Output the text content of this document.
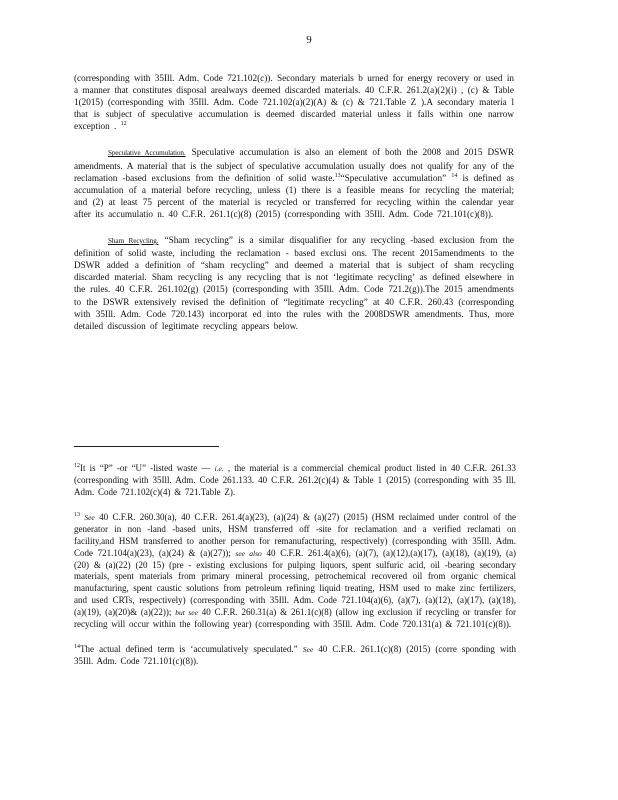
9

(corresponding with 35Ill. Adm. Code 721.102(c)). Secondary materials b urned for energy recovery or used in a manner that constitutes disposal arealways deemed discarded materials. 40 C.F.R. 261.2(a)(2)(i) , (c) & Table 1(2015) (corresponding with 35Ill. Adm. Code 721.102(a)(2)(A) & (c) & 721.Table Z ).A secondary materia l that is subject of speculative accumulation is deemed discarded material unless it falls within one narrow exception . $^{12}$

Speculative Accumulation. Speculative accumulation is also an element of both the 2008 and 2015 DSWR amendments. A material that is the subject of speculative accumulation usually does not qualify for any of the reclamation -based exclusions from the definition of solid waste.$^{13}$“Speculative accumulation” $^{14}$ is defined as accumulation of a material before recycling, unless (1) there is a feasible means for recycling the material; and (2) at least 75 percent of the material is recycled or transferred for recycling within the calendar year after its accumulatio n. 40 C.F.R. 261.1(c)(8) (2015) (corresponding with 35Ill. Adm. Code 721.101(c)(8)).

Sham Recycling. “Sham recycling” is a similar disqualifier for any recycling -based exclusion from the definition of solid waste, including the reclamation - based exclusi ons. The recent 2015amendments to the DSWR added a definition of “sham recycling” and deemed a material that is subject of sham recycling discarded material. Sham recycling is any recycling that is not ‘legitimate recycling’ as defined elsewhere in the rules. 40 C.F.R. 261.102(g) (2015) (corresponding with 35Ill. Adm. Code 721.2(g)).The 2015 amendments to the DSWR extensively revised the definition of “legitimate recycling” at 40 C.F.R. 260.43 (corresponding with 35Ill. Adm. Code 720.143) incorporat ed into the rules with the 2008DSWR amendments. Thus, more detailed discussion of legitimate recycling appears below.

$^{12}$It is “P” -or “U” -listed waste — i.e. , the material is a commercial chemical product listed in 40 C.F.R. 261.33 (corresponding with 35Ill. Adm. Code 261.133. 40 C.F.R. 261.2(c)(4) & Table 1 (2015) (corresponding with 35 Ill. Adm. Code 721.102(c)(4) & 721.Table Z).

$^{13}$ See 40 C.F.R. 260.30(a), 40 C.F.R. 261.4(a)(23), (a)(24) & (a)(27) (2015) (HSM reclaimed under control of the generator in non -land -based units, HSM transferred off -site for reclamation and a verified reclamati on facility,and HSM transferred to another person for remanufacturing, respectively) (corresponding with 35Ill. Adm. Code 721.104(a)(23), (a)(24) & (a)(27)); see also 40 C.F.R. 261.4(a)(6), (a)(7), (a)(12),(a)(17), (a)(18), (a)(19), (a)(20) & (a)(22) (20 15) (pre - existing exclusions for pulping liquors, spent sulfuric acid, oil -bearing secondary materials, spent materials from primary mineral processing, petrochemical recovered oil from organic chemical manufacturing, spent caustic solutions from petroleum refining liquid treating, HSM used to make zinc fertilizers, and used CRTs, respectively) (corresponding with 35Ill. Adm. Code 721.104(a)(6), (a)(7), (a)(12), (a)(17), (a)(18), (a)(19), (a)(20)& (a)(22)); but see 40 C.F.R. 260.31(a) & 261.1(c)(8) (allow ing exclusion if recycling or transfer for recycling will occur within the following year) (corresponding with 35Ill. Adm. Code 720.131(a) & 721.101(c)(8)).

$^{14}$The actual defined term is ‘accumulatively speculated.” See 40 C.F.R. 261.1(c)(8) (2015) (corre sponding with 35Ill. Adm. Code 721.101(c)(8)).
